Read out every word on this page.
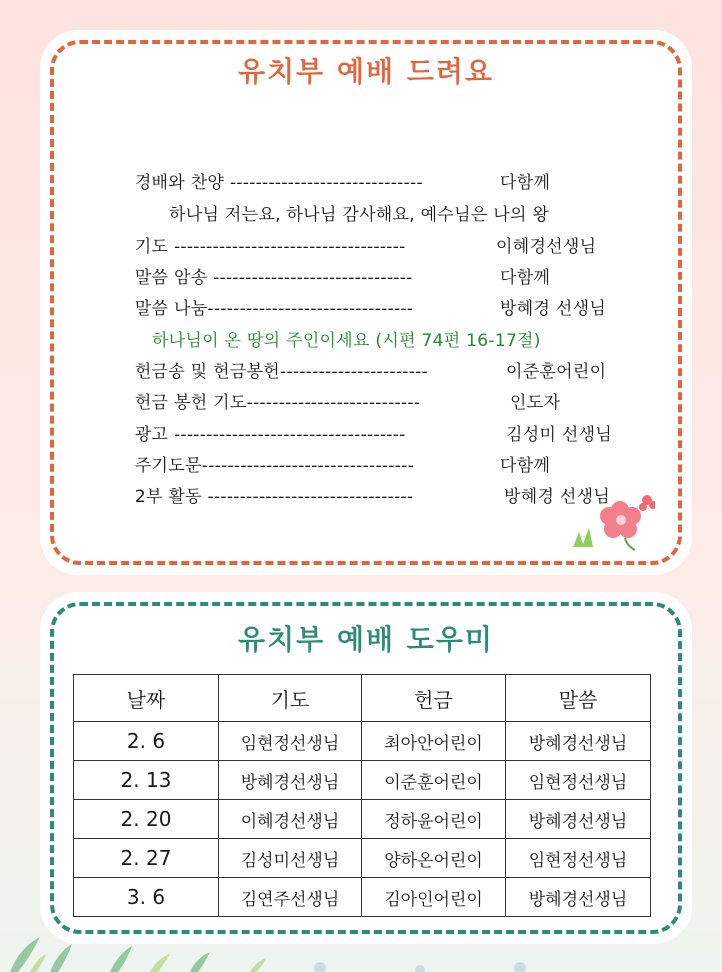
유치부 예배 드려요

경배와 찬양 ------------------------------	다함께

하나님 저는요, 하나님 감사해요, 예수님은 나의 왕

기도 ------------------------------------	이혜경선생님

말씀 암송 -------------------------------	다함께

말씀 나눔--------------------------------	방혜경 선생님

하나님이 온 땅의 주인이세요 (시편 74편 16-17절)

헌금송 및 헌금봉헌-----------------------	이준훈어린이

헌금 봉헌 기도---------------------------	인도자

광고 ------------------------------------	김성미 선생님

주기도문---------------------------------	다함께

2부 활동 --------------------------------	방혜경 선생님

유치부 예배 도우미
날짜	기도	헌금	말씀
2. 6	임현정선생님	최아안어린이	방혜경선생님
2. 13	방혜경선생님	이준훈어린이	임현정선생님
2. 20	이혜경선생님	정하윤어린이	방혜경선생님
2. 27	김성미선생님	양하온어린이	임현정선생님
3. 6	김연주선생님	김아인어린이	방혜경선생님
